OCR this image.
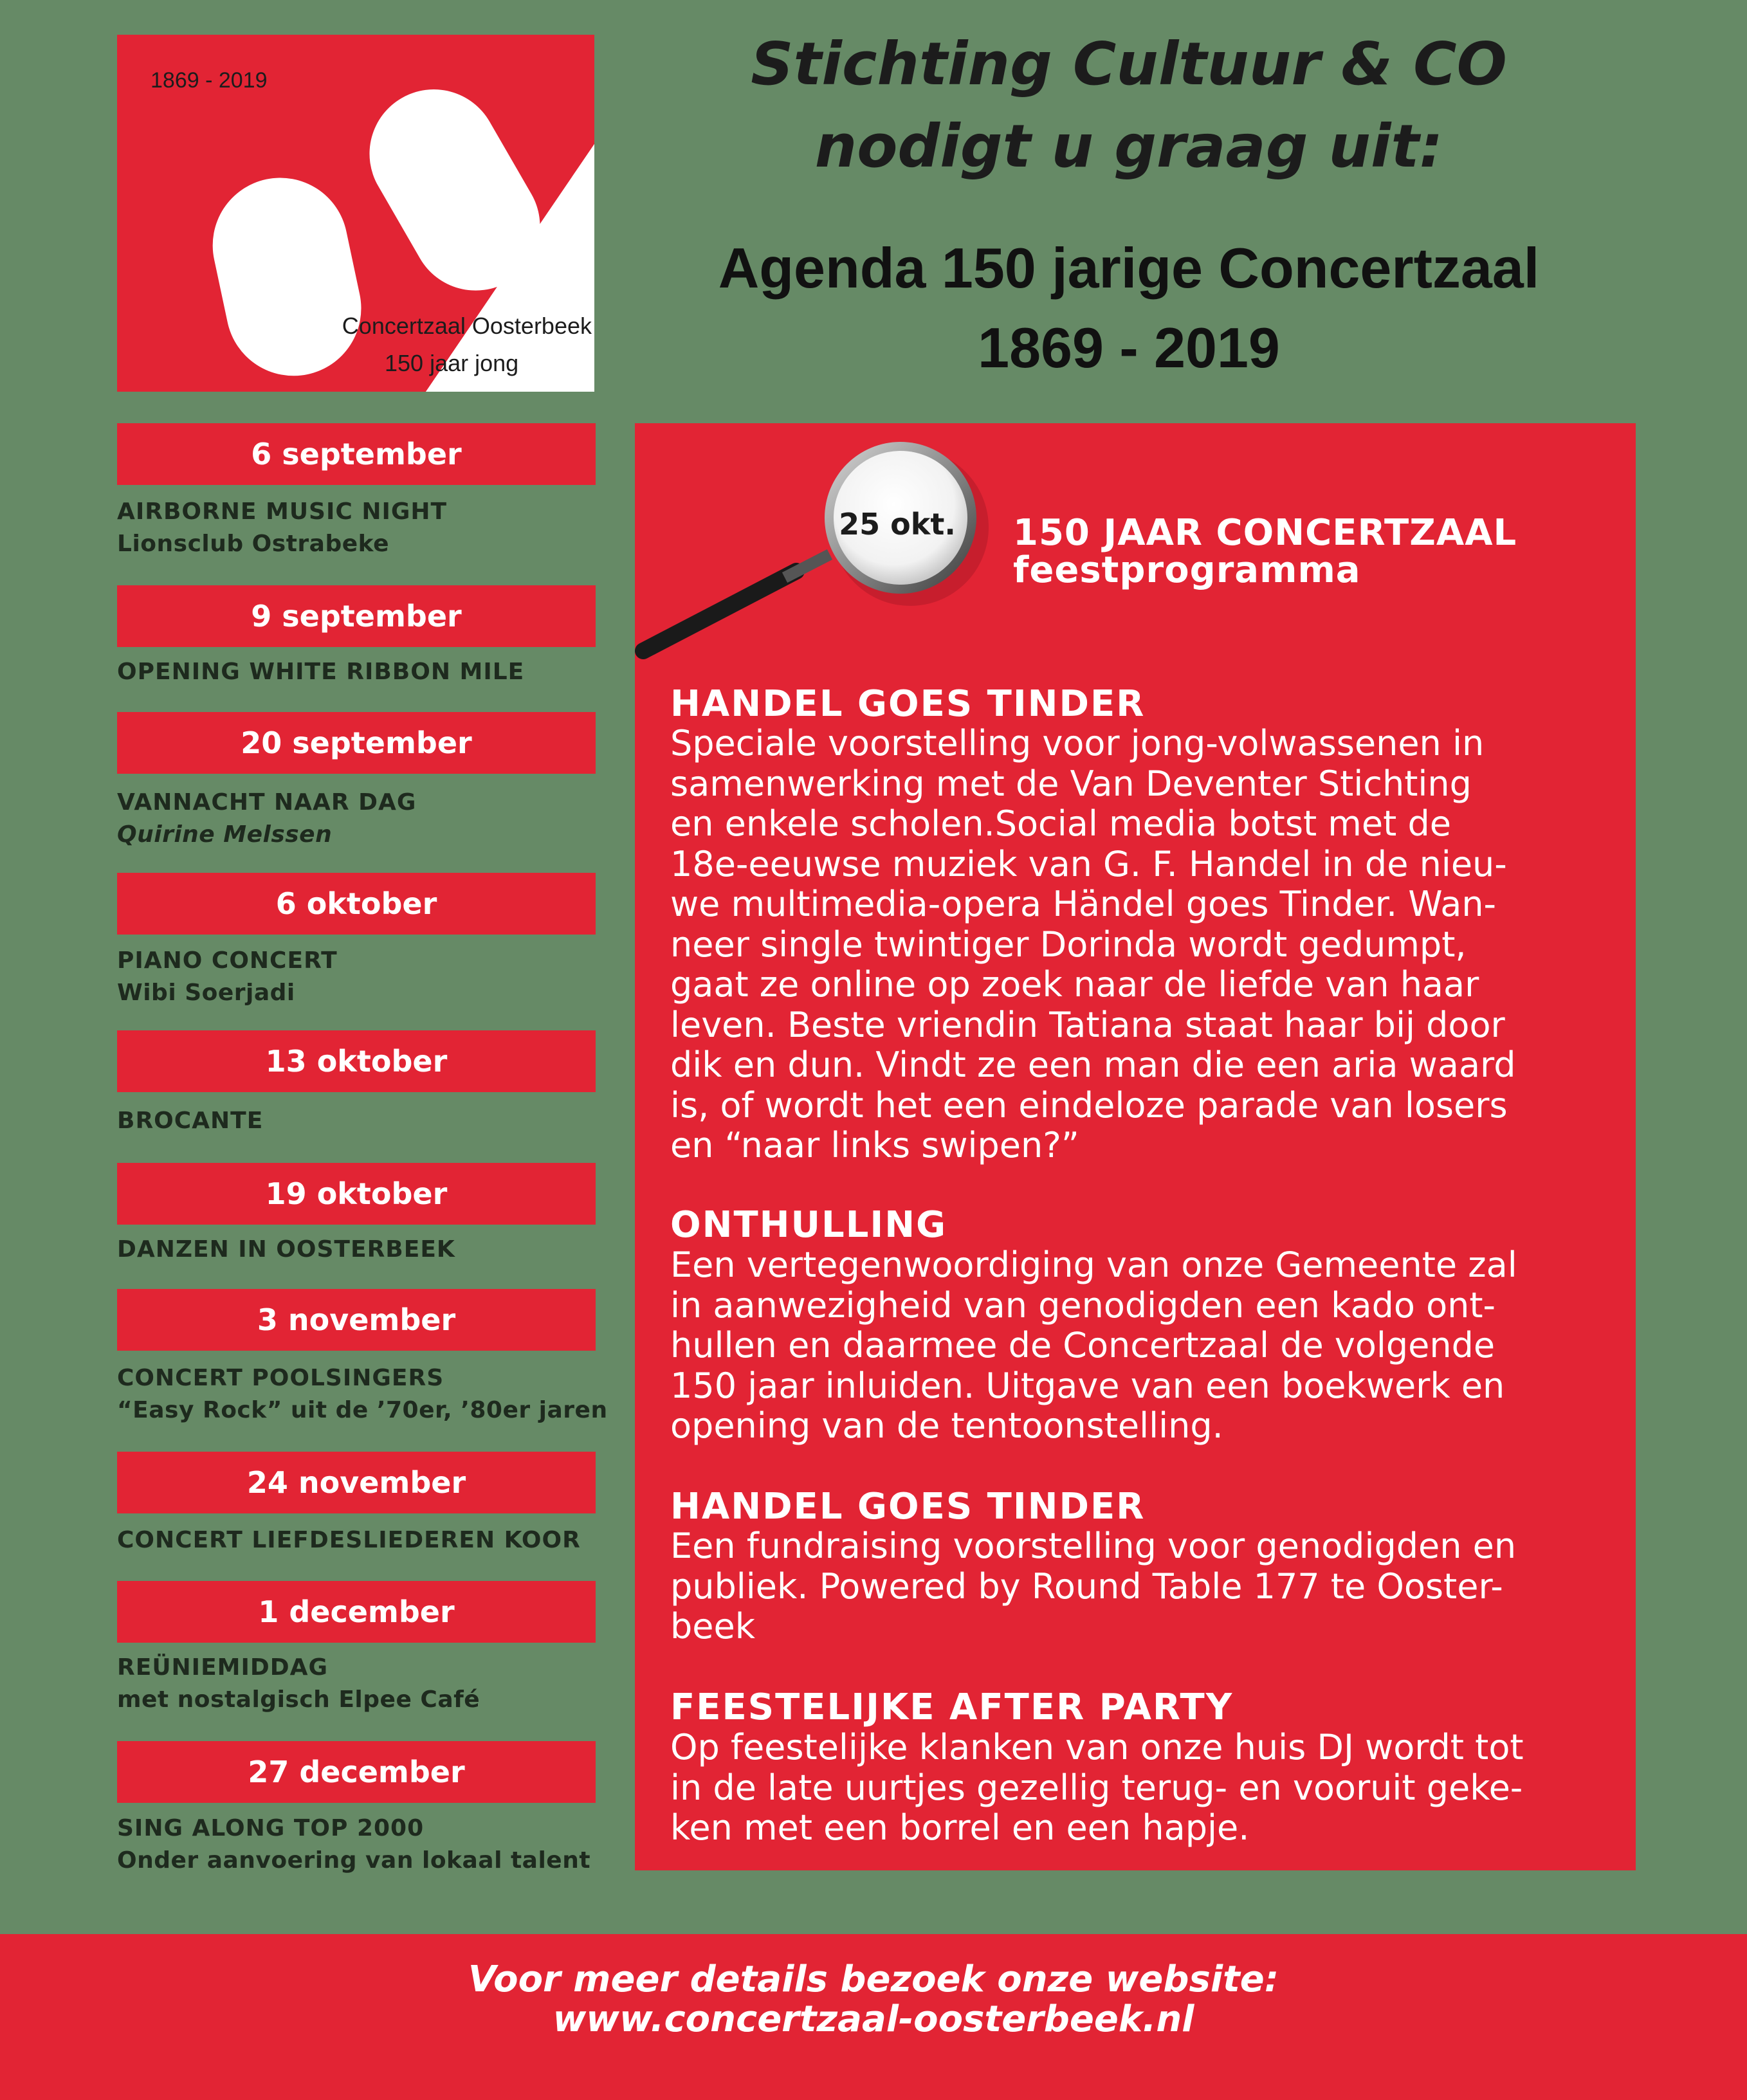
1869 - 2019
Concertzaal Oosterbeek
150 jaar jong
Stichting Cultuur & CO
nodigt u graag uit:
Agenda 150 jarige Concertzaal
1869 - 2019
6 september
AIRBORNE MUSIC NIGHT
Lionsclub Ostrabeke
9 september
OPENING WHITE RIBBON MILE
20 september
VANNACHT NAAR DAG
Quirine Melssen
6 oktober
PIANO CONCERT
Wibi Soerjadi
13 oktober
BROCANTE
19 oktober
DANZEN IN OOSTERBEEK
3 november
CONCERT POOLSINGERS
“Easy Rock” uit de ’70er, ’80er jaren
24 november
CONCERT LIEFDESLIEDEREN KOOR
1 december
REÜNIEMIDDAG
met nostalgisch Elpee Café
27 december
SING ALONG TOP 2000
Onder aanvoering van lokaal talent
25 okt. 150 JAAR CONCERTZAAL
feestprogramma
HANDEL GOES TINDER
Speciale voorstelling voor jong-volwassenen in
samenwerking met de Van Deventer Stichting
en enkele scholen.Social media botst met de
18e-eeuwse muziek van G. F. Handel in de nieu-
we multimedia-opera Händel goes Tinder. Wan-
neer single twintiger Dorinda wordt gedumpt,
gaat ze online op zoek naar de liefde van haar
leven. Beste vriendin Tatiana staat haar bij door
dik en dun. Vindt ze een man die een aria waard
is, of wordt het een eindeloze parade van losers
en “naar links swipen?”
ONTHULLING
Een vertegenwoordiging van onze Gemeente zal
in aanwezigheid van genodigden een kado ont-
hullen en daarmee de Concertzaal de volgende
150 jaar inluiden. Uitgave van een boekwerk en
opening van de tentoonstelling.
HANDEL GOES TINDER
Een fundraising voorstelling voor genodigden en
publiek. Powered by Round Table 177 te Ooster-
beek
FEESTELIJKE AFTER PARTY
Op feestelijke klanken van onze huis DJ wordt tot
in de late uurtjes gezellig terug- en vooruit geke-
ken met een borrel en een hapje.
Voor meer details bezoek onze website:
www.concertzaal-oosterbeek.nl
